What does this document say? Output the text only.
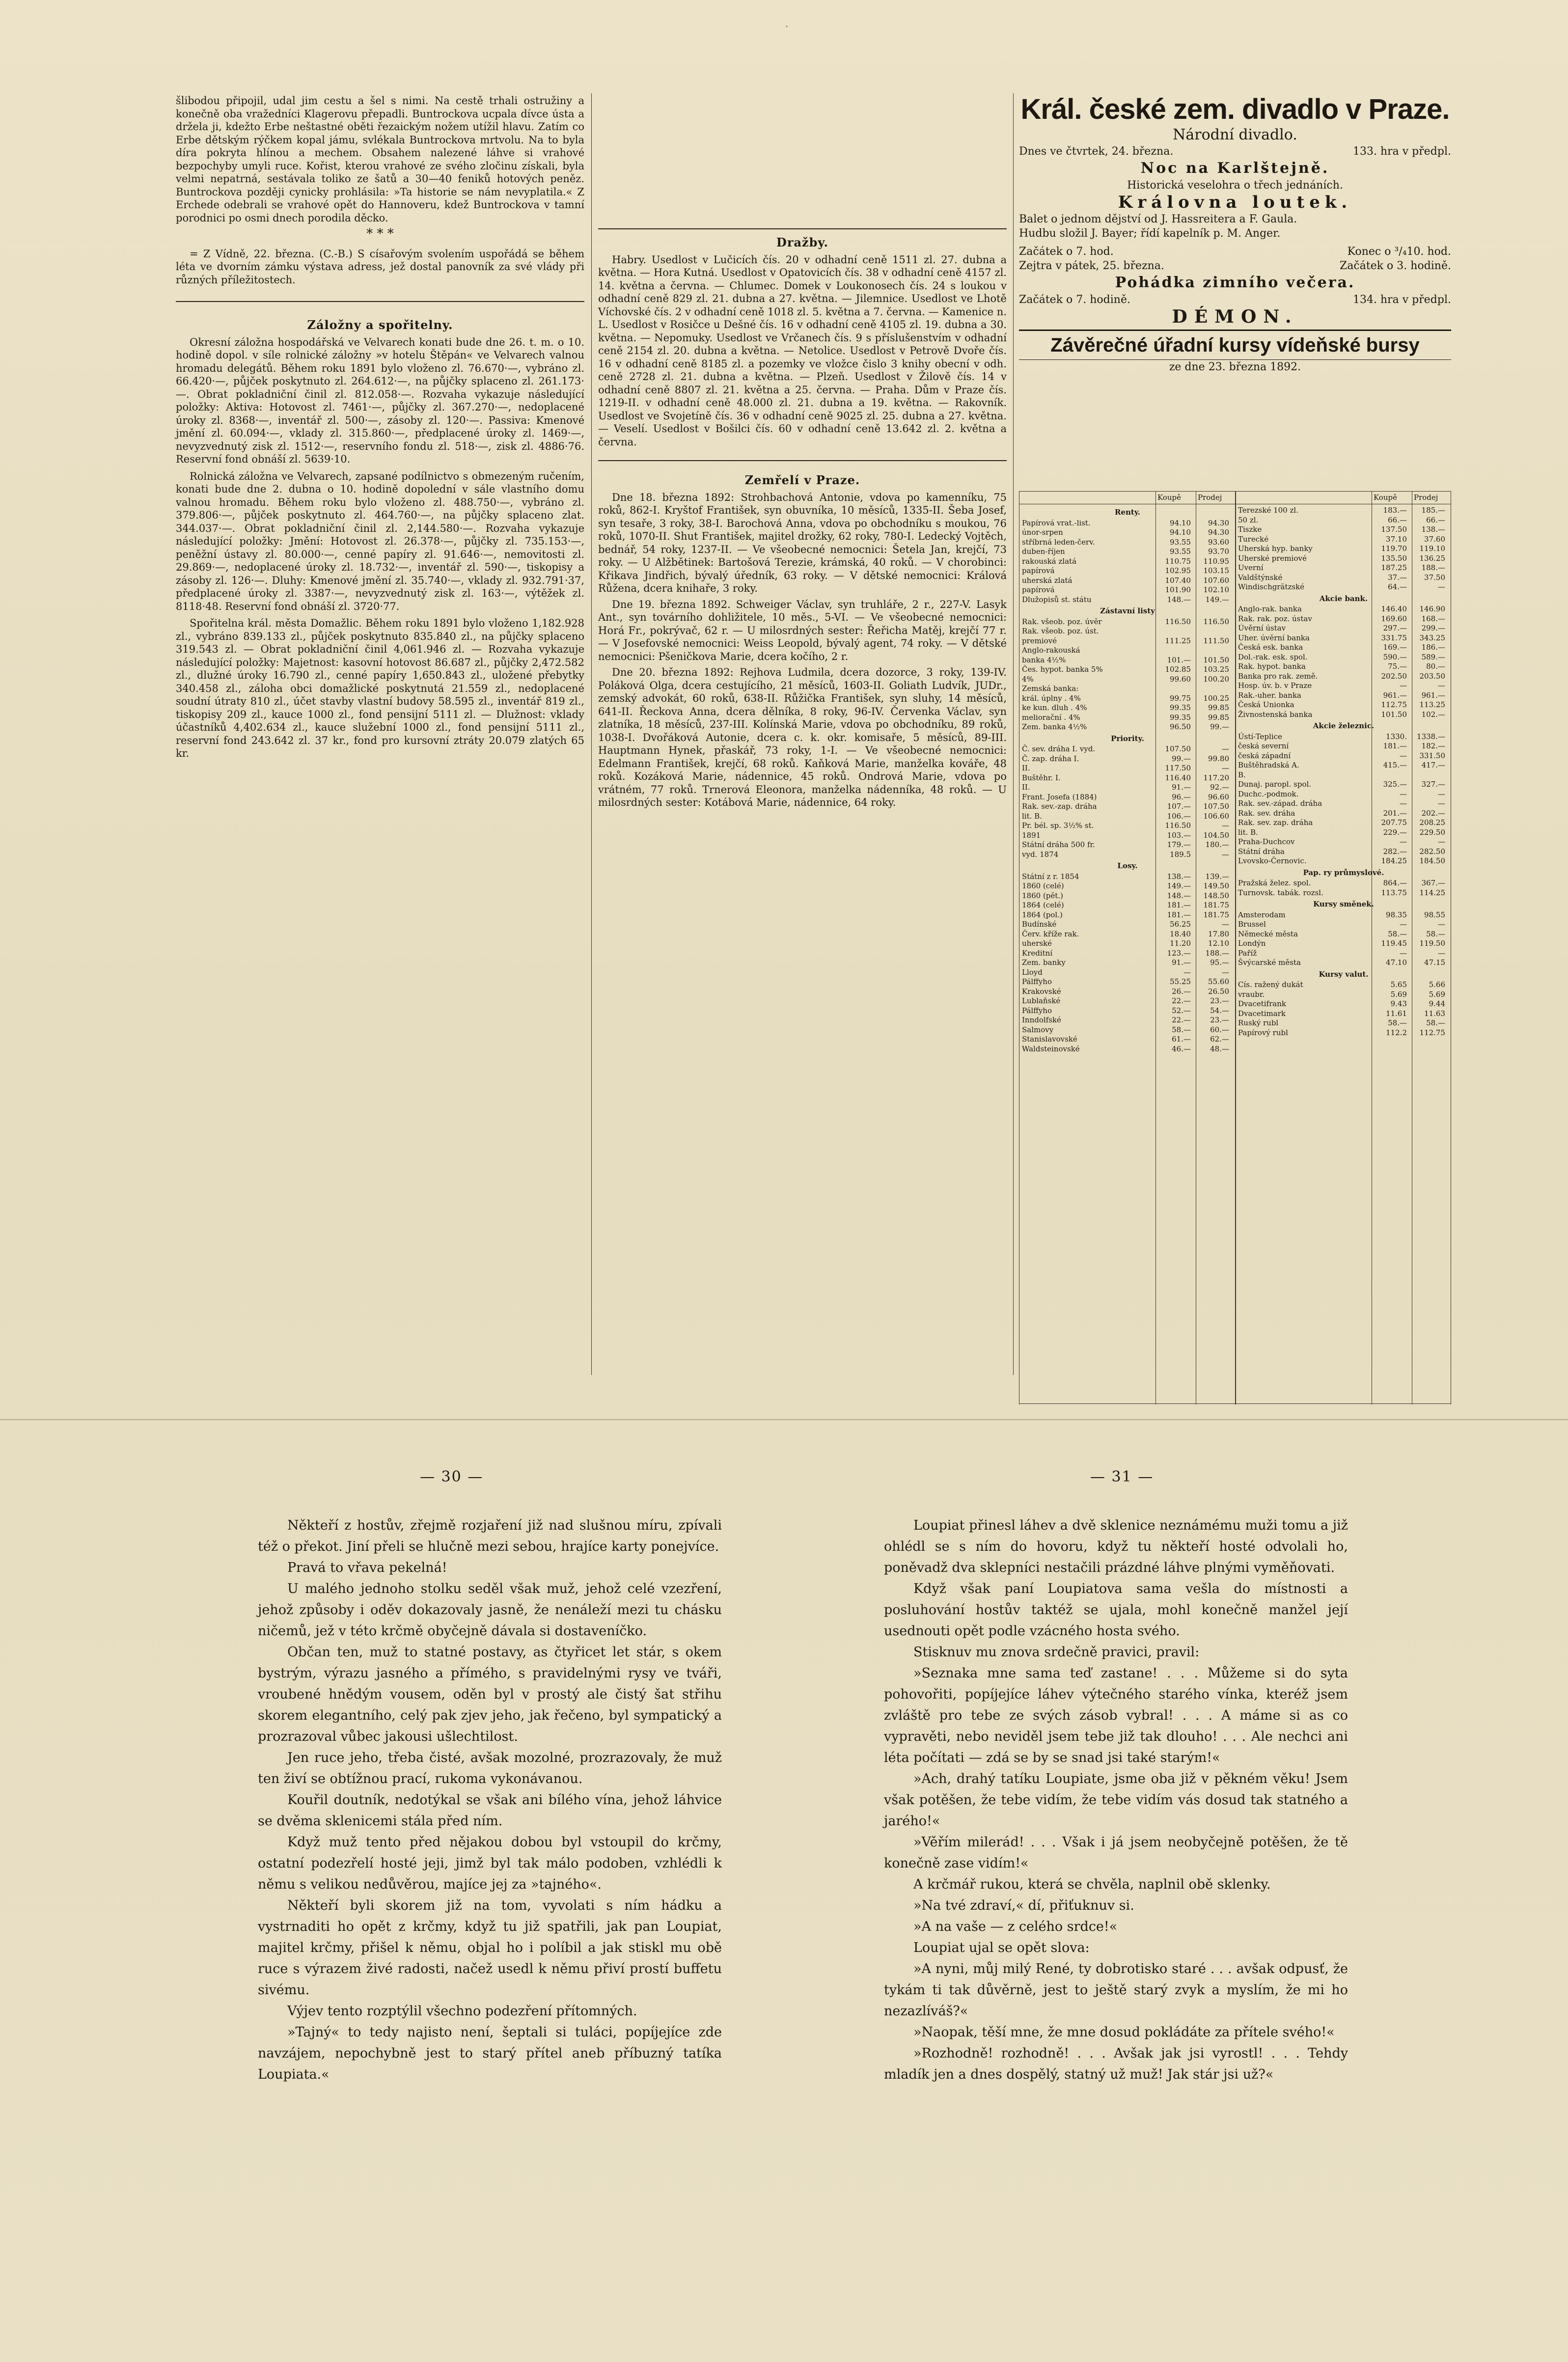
šlibodou připojil, udal jim cestu a šel s nimi. Na cestě trhali ostružiny a konečně oba vražedníci Klagerovu přepadli. Buntrockova ucpala dívce ústa a držela ji, kdežto Erbe neštastné oběti řezaickým nožem utížil hlavu. Zatím co Erbe dětským rýčkem kopal jámu, svlékala Buntrockova mrtvolu. Na to byla díra pokryta hlínou a mechem. Obsahem nalezené láhve si vrahové bezpochyby umyli ruce. Kořist, kterou vrahové ze svého zločinu získali, byla velmi nepatrná, sestávala toliko ze šatů a 30—40 feniků hotových peněz. Buntrockova později cynicky prohlásila: »Ta historie se nám nevyplatila.« Z Erchede odebrali se vrahové opět do Hannoveru, kdež Buntrockova v tamní porodnici po osmi dnech porodila děcko.

* * *

= Z Vídně, 22. března. (C.-B.) S císařovým svolením uspořádá se během léta ve dvorním zámku výstava adress, jež dostal panovník za své vlády při různých příležitostech.

Záložny a spořitelny.

Okresní záložna hospodářská ve Velvarech konati bude dne 26. t. m. o 10. hodině dopol. v síle rolnické záložny »v hotelu Štěpán« ve Velvarech valnou hromadu delegátů. Během roku 1891 bylo vloženo zl. 76.670·—, vybráno zl. 66.420·—, půjček poskytnuto zl. 264.612·—, na půjčky splaceno zl. 261.173·—. Obrat pokladniční činil zl. 812.058·—. Rozvaha vykazuje následující položky: Aktiva: Hotovost zl. 7461·—, půjčky zl. 367.270·—, nedoplacené úroky zl. 8368·—, inventář zl. 500·—, zásoby zl. 120·—. Passiva: Kmenové jmění zl. 60.094·—, vklady zl. 315.860·—, předplacené úroky zl. 1469·—, nevyzvednutý zisk zl. 1512·—, reservního fondu zl. 518·—, zisk zl. 4886·76. Reservní fond obnáší zl. 5639·10.

Rolnická záložna ve Velvarech, zapsané podílnictvo s obmezeným ručením, konati bude dne 2. dubna o 10. hodině dopolední v sále vlastního domu valnou hromadu. Během roku bylo vloženo zl. 488.750·—, vybráno zl. 379.806·—, půjček poskytnuto zl. 464.760·—, na půjčky splaceno zlat. 344.037·—. Obrat pokladniční činil zl. 2,144.580·—. Rozvaha vykazuje následující položky: Jmění: Hotovost zl. 26.378·—, půjčky zl. 735.153·—, peněžní ústavy zl. 80.000·—, cenné papíry zl. 91.646·—, nemovitosti zl. 29.869·—, nedoplacené úroky zl. 18.732·—, inventář zl. 590·—, tiskopisy a zásoby zl. 126·—. Dluhy: Kmenové jmění zl. 35.740·—, vklady zl. 932.791·37, předplacené úroky zl. 3387·—, nevyzvednutý zisk zl. 163·—, výtěžek zl. 8118·48. Reservní fond obnáší zl. 3720·77.

Spořitelna král. města Domažlic. Během roku 1891 bylo vloženo 1,182.928 zl., vybráno 839.133 zl., půjček poskytnuto 835.840 zl., na půjčky splaceno 319.543 zl. — Obrat pokladniční činil 4,061.946 zl. — Rozvaha vykazuje následující položky: Majetnost: kasovní hotovost 86.687 zl., půjčky 2,472.582 zl., dlužné úroky 16.790 zl., cenné papíry 1,650.843 zl., uložené přebytky 340.458 zl., záloha obci domažlické poskytnutá 21.559 zl., nedoplacené soudní útraty 810 zl., účet stavby vlastní budovy 58.595 zl., inventář 819 zl., tiskopisy 209 zl., kauce 1000 zl., fond pensijní 5111 zl. — Dlužnost: vklady účastníků 4,402.634 zl., kauce služební 1000 zl., fond pensijní 5111 zl., reservní fond 243.642 zl. 37 kr., fond pro kursovní ztráty 20.079 zlatých 65 kr.

Dražby.

Habry. Usedlost v Lučicích čís. 20 v odhadní ceně 1511 zl. 27. dubna a května. — Hora Kutná. Usedlost v Opatovicích čís. 38 v odhadní ceně 4157 zl. 14. května a června. — Chlumec. Domek v Loukonosech čís. 24 s loukou v odhadní ceně 829 zl. 21. dubna a 27. května. — Jilemnice. Usedlost ve Lhotě Víchovské čís. 2 v odhadní ceně 1018 zl. 5. května a 7. června. — Kamenice n. L. Usedlost v Rosičce u Dešné čís. 16 v odhadní ceně 4105 zl. 19. dubna a 30. května. — Nepomuky. Usedlost ve Vrčanech čís. 9 s příslušenstvím v odhadní ceně 2154 zl. 20. dubna a května. — Netolice. Usedlost v Petrově Dvoře čís. 16 v odhadní ceně 8185 zl. a pozemky ve vložce čislo 3 knihy obecní v odh. ceně 2728 zl. 21. dubna a května. — Plzeň. Usedlost v Žilově čís. 14 v odhadní ceně 8807 zl. 21. května a 25. června. — Praha. Dům v Praze čís. 1219-II. v odhadní ceně 48.000 zl. 21. dubna a 19. května. — Rakovník. Usedlost ve Svojetíně čís. 36 v odhadní ceně 9025 zl. 25. dubna a 27. května. — Veselí. Usedlost v Bošilci čís. 60 v odhadní ceně 13.642 zl. 2. května a června.

Zemřelí v Praze.

Dne 18. března 1892: Strohbachová Antonie, vdova po kamenníku, 75 roků, 862-I. Kryštof František, syn obuvníka, 10 měsíců, 1335-II. Šeba Josef, syn tesaře, 3 roky, 38-I. Barochová Anna, vdova po obchodníku s moukou, 76 roků, 1070-II. Shut František, majitel drožky, 62 roky, 780-I. Ledecký Vojtěch, bednář, 54 roky, 1237-II. — Ve všeobecné nemocnici: Šetela Jan, krejčí, 73 roky. — U Alžbětinek: Bartošová Terezie, krámská, 40 roků. — V chorobinci: Křikava Jindřich, bývalý úředník, 63 roky. — V dětské nemocnici: Králová Růžena, dcera knihaře, 3 roky.

Dne 19. března 1892. Schweiger Václav, syn truhláře, 2 r., 227-V. Lasyk Ant., syn továrního dohližitele, 10 měs., 5-VI. — Ve všeobecné nemocnici: Horá Fr., pokrývač, 62 r. — U milosrdných sester: Řeřicha Matěj, krejčí 77 r. — V Josefovské nemocnici: Weiss Leopold, bývalý agent, 74 roky. — V dětské nemocnici: Pšeničkova Marie, dcera kočího, 2 r.

Dne 20. března 1892: Rejhova Ludmila, dcera dozorce, 3 roky, 139-IV. Poláková Olga, dcera cestujícího, 21 měsíců, 1603-II. Goliath Ludvík, JUDr., zemský advokát, 60 roků, 638-II. Růžička František, syn sluhy, 14 měsíců, 641-II. Řeckova Anna, dcera dělníka, 8 roky, 96-IV. Červenka Václav, syn zlatníka, 18 měsíců, 237-III. Kolínská Marie, vdova po obchodníku, 89 roků, 1038-I. Dvořáková Autonie, dcera c. k. okr. komisaře, 5 měsíců, 89-III. Hauptmann Hynek, přaskář, 73 roky, 1-I. — Ve všeobecné nemocnici: Edelmann František, krejčí, 68 roků. Kaňková Marie, manželka kováře, 48 roků. Kozáková Marie, nádennice, 45 roků. Ondrová Marie, vdova po vrátném, 77 roků. Trnerová Eleonora, manželka nádenníka, 48 roků. — U milosrdných sester: Kotábová Marie, nádennice, 64 roky.

Král. české zem. divadlo v Praze.
Národní divadlo.
Dnes ve čtvrtek, 24. března.	133. hra v předpl.
Noc na Karlštejně.
Historická veselohra o třech jednáních.
Královna loutek.
Balet o jednom dějství od J. Hassreitera a F. Gaula.
Hudbu složil J. Bayer; řídí kapelník p. M. Anger.
Začátek o 7. hod.	Konec o ³/₄10. hod.
Zejtra v pátek, 25. března.	Začátek o 3. hodině.
Pohádka zimního večera.
Začátek o 7. hodině.	134. hra v předpl.
DÉMON.
Závěrečné úřadní kursy vídeňské bursy
ze dne 23. března 1892.
Koupě Prodej	Koupě Prodej
Renty.
Papírová vrat.-list.	94.10	94.30
únor-srpen	94.10	94.30
stříbrná leden-červ.	93.55	93.60
duben-říjen	93.55	93.70
rakouská zlatá	110.75	110.95
papírová	102.95	103.15
uherská zlatá	107.40	107.60
papírová	101.90	102.10
Dlužopisů st. státu	148.—	149.—
Zástavní listy
Rak. všeob. poz. úvěr	116.50	116.50
Rak. všeob. poz. úst.
premiové	111.25	111.50
Anglo-rakouská
banka 4½%	101.—	101.50
Čes. hypot. banka 5%	102.85	103.25
4%	99.60	100.20
Zemská banka:
král. úplny . 4%	99.75	100.25
ke kun. dluh . 4%	99.35	99.85
meliorační . 4%	99.35	99.85
Zem. banka 4½%	96.50	99.—
Priority.
Č. sev. dráha I. vyd.	107.50	—
Č. zap. dráha I.	99.—	99.80
II.	117.50	—
Buštěhr. I.	116.40	117.20
II.	91.—	92.—
Frant. Josefa (1884)	96.—	96.60
Rak. sev.-zap. dráha	107.—	107.50
lit. B.	106.—	106.60
Pr. bél. sp. 3½% st.	116.50	—
1891	103.—	104.50
Státní dráha 500 fr.	179.—	180.—
vyd. 1874	189.5	—
Losy.
Státní z r. 1854	138.—	139.—
1860 (celé)	149.—	149.50
1860 (pět.)	148.—	148.50
1864 (celé)	181.—	181.75
1864 (pol.)	181.—	181.75
Budínské	56.25	—
Červ. kříže rak.	18.40	17.80
uherské	11.20	12.10
Kreditní	123.—	188.—
Zem. banky	91.—	95.—
Lloyd	—	—
Pálffyho	55.25	55.60
Krakovské	26.—	26.50
Lublaňské	22.—	23.—
Pálffyho	52.—	54.—
Inndolfské	22.—	23.—
Salmovy	58.—	60.—
Stanislavovské	61.—	62.—
Waldsteinovské	46.—	48.—
Terezské 100 zl.	183.—	185.—
50 zl.	66.—	66.—
Tiszke	137.50	138.—
Turecké	37.10	37.60
Uherská hyp. banky	119.70	119.10
Uherské premiové	135.50	136.25
Uverní	187.25	188.—
Valdštýnské	37.—	37.50
Windischgrätzské	64.—	—
Akcie bank.
Anglo-rak. banka	146.40	146.90
Rak. rak. poz. ústav	169.60	168.—
Úvěrní ústav	297.—	299.—
Uher. úvěrní banka	331.75	343.25
Česká esk. banka	169.—	186.—
Dol.-rak. esk. spol.	590.—	589.—
Rak. hypot. banka	75.—	80.—
Banka pro rak. země.	202.50	203.50
Hosp. úv. b. v Praze	—	—
Rak.-uher. banka	961.—	961.—
Česká Unionka	112.75	113.25
Živnostenská banka	101.50	102.—
Akcie železnic.
Ústí-Teplice	1330.	1338.—
česká severní	181.—	182.—
česká západní	—	331.50
Buštěhradská A.	415.—	417.—
B.
Dunaj. paropl. spol.	325.—	327.—
Duchc.-podmok.	—	—
Rak. sev.-západ. dráha	—	—
Rak. sev. dráha	201.—	202.—
Rak. sev. zap. dráha	207.75	208.25
lit. B.	229.—	229.50
Praha-Duchcov	—	—
Státní dráha	282.—	282.50
Lvovsko-Černovic.	184.25	184.50
Pap. ry průmyslové.
Pražská želez. spol.	864.—	367.—
Turnovsk. tabák. rozsl.	113.75	114.25
Kursy směnek.
Amsterodam	98.35	98.55
Brussel	—	—
Německé města	58.—	58.—
Londýn	119.45	119.50
Paříž	—	—
Švýcarské města	47.10	47.15
Kursy valut.
Cís. ražený dukát	5.65	5.66
vraubr.	5.69	5.69
Dvacetifrank	9.43	9.44
Dvacetimark	11.61	11.63
Ruský rubl	58.—	58.—
Papírový rubl	112.2	112.75
— 30 —	— 31 —

Někteří z hostův, zřejmě rozjaření již nad slušnou míru, zpívali též o překot. Jiní přeli se hlučně mezi sebou, hrajíce karty ponejvíce.

Pravá to vřava pekelná!

U malého jednoho stolku seděl však muž, jehož celé vzezření, jehož způsoby i oděv dokazovaly jasně, že nenáleží mezi tu chásku ničemů, jež v této krčmě obyčejně dávala si dostaveníčko.

Občan ten, muž to statné postavy, as čtyřicet let stár, s okem bystrým, výrazu jasného a přímého, s pravidelnými rysy ve tváři, vroubené hnědým vousem, oděn byl v prostý ale čistý šat střihu skorem elegantního, celý pak zjev jeho, jak řečeno, byl sympatický a prozrazoval vůbec jakousi ušlechtilost.

Jen ruce jeho, třeba čisté, avšak mozolné, prozrazovaly, že muž ten živí se obtížnou prací, rukoma vykonávanou.

Kouřil doutník, nedotýkal se však ani bílého vína, jehož láhvice se dvěma sklenicemi stála před ním.

Když muž tento před nějakou dobou byl vstoupil do krčmy, ostatní podezřelí hosté jeji, jimž byl tak málo podoben, vzhlédli k němu s velikou nedůvěrou, majíce jej za »tajného«.

Někteří byli skorem již na tom, vyvolati s ním hádku a vystrnaditi ho opět z krčmy, když tu již spatřili, jak pan Loupiat, majitel krčmy, přišel k němu, objal ho i políbil a jak stiskl mu obě ruce s výrazem živé radosti, načež usedl k němu přiví prostí buffetu sivému.

Výjev tento rozptýlil všechno podezření přítomných.

»Tajný« to tedy najisto není, šeptali si tuláci, popíjejíce zde navzájem, nepochybně jest to starý přítel aneb příbuzný tatíka Loupiata.«

Loupiat přinesl láhev a dvě sklenice neznámému muži tomu a již ohlédl se s ním do hovoru, když tu někteří hosté odvolali ho, poněvadž dva sklepníci nestačili prázdné láhve plnými vyměňovati.

Když však paní Loupiatova sama vešla do místnosti a posluhování hostův taktéž se ujala, mohl konečně manžel její usednouti opět podle vzácného hosta svého.

Stisknuv mu znova srdečně pravici, pravil:

»Seznaka mne sama teď zastane! . . . Můžeme si do syta pohovořiti, popíjejíce láhev výtečného starého vínka, kteréž jsem zvláště pro tebe ze svých zásob vybral! . . . A máme si as co vypravěti, nebo neviděl jsem tebe již tak dlouho! . . . Ale nechci ani léta počítati — zdá se by se snad jsi také starým!«

»Ach, drahý tatíku Loupiate, jsme oba již v pěkném věku! Jsem však potěšen, že tebe vidím, že tebe vidím vás dosud tak statného a jarého!«

»Věřím milerád! . . . Však i já jsem neobyčejně potěšen, že tě konečně zase vidím!«

A krčmář rukou, která se chvěla, naplnil obě sklenky.

»Na tvé zdraví,« dí, přiťuknuv si.

»A na vaše — z celého srdce!«

Loupiat ujal se opět slova:

»A nyni, můj milý René, ty dobrotisko staré . . . avšak odpusť, že tykám ti tak důvěrně, jest to ještě starý zvyk a myslím, že mi ho nezazlíváš?«

»Naopak, těší mne, že mne dosud pokládáte za přítele svého!«

»Rozhodně! rozhodně! . . . Avšak jak jsi vyrostl! . . . Tehdy mladík jen a dnes dospělý, statný už muž! Jak stár jsi už?«

·
